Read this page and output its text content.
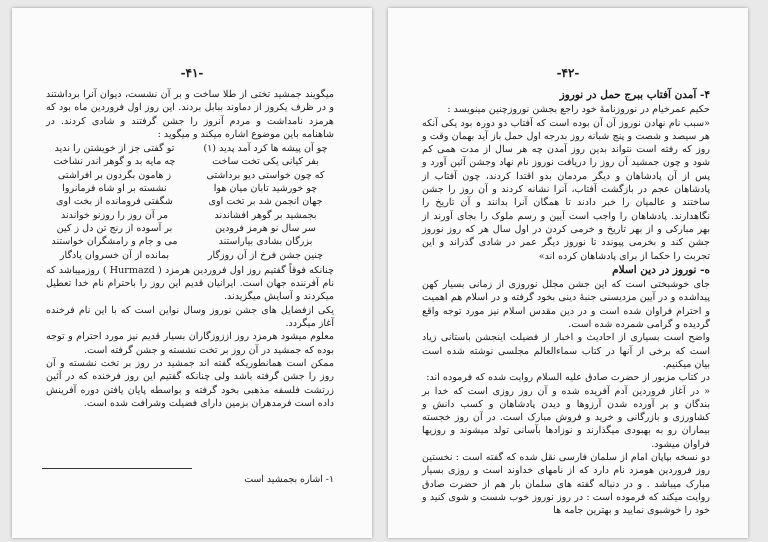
-۴۱-

میگویند جمشید تختی از طلا ساخت و بر آن نشست، دیوان آنرا برداشتند و در ظرف یکروز از دماوند ببابل بردند. این روز اول فروردین ماه بود که هرمزد نامداشت و مردم آنروز را جشن گرفتند و شادی کردند. در شاهنامه باین موضوع اشاره میکند و میگوید :

چو آن پیشه ها کرد آمد پدید (۱)
تو گفتی جز از خویشتن را ندید
بفر کیانی یکی تخت ساخت
چه مایه بد و گوهر اندر نشاخت
که چون خواستی دیو برداشتی
ز هامون بگردون بر افراشتی
چو خورشید تابان میان هوا
نشسته بر او شاه فرمانروا
جهان انجمن شد بر تخت اوی
شگفتی فرومانده از بخت اوی
بجمشید بر گوهر افشاندند
مر آن روز را روزنو خواندند
سر سال نو هرمز فرودین
بر آسوده از رنج تن دل ز کین
بزرگان بشادی بیاراستند
می و جام و رامشگران خواستند
چنین جشن فرخ از آن روزگار
بمانده از آن خسروان یادگار

چنانکه فوقاً گفتیم روز اول فروردین هرمزد ( Hurmazd ) روزمیباشد که نام آفرننده جهان است. ایرانیان قدیم این روز را باحترام نام خدا تعطیل میکردند و آسایش میگزیدند.

یکی ازفضایل های جشن نوروز وسال نواین است که با این نام فرخنده آغاز میگردد.

معلوم میشود هرمزد روز اززوزگاران بسیار قدیم نیز مورد احترام و توجه بوده که جمشید در آن روز بر تخت نشسته و جشن گرفته است.

ممکن است همانطوریکه گفته اند جمشید در روز بر تخت نشسته و آن روز را جشن گرفته باشد ولی چنانکه گفتیم این روز فرخنده که در آئین زرتشت فلسفه مذهبی بخود گرفته و بواسطه پایان یافتن دوره آفرینش داده است فرمدهران بزمین دارای فضیلت وشرافت شده است.

۱- اشاره بجمشید است
-۴۲-

۴- آمدن آفتاب ببرج حمل در نوروز

حکیم عمرخیام در نوروزنامهٔ خود راجع بجشن نوروزچنین مینویسد :

«سبب نام نهادن نوروز آن آن بوده است که آفتاب دو دورہ بود یکی آنکه هر سیصد و شصت و پنج شبانه روز بدرجه اول حمل باز آید بهمان وقت و روز که رفته است نتواند بدین روز آمدن چه هر سال از مدت همی کم شود و چون جمشید آن روز را دریافت نوروز نام نهاد وجشن آئین آورد و پس از آن پادشاهان و دیگر مردمان بدو اقتدا کردند، چون آفتاب از پادشاهان عجم در بازگشت آفتاب، آنرا نشانه کردند و آن روز را جشن ساختند و عالمیان را خبر دادند تا همگان آنرا بدانند و آن تاریخ را نگاهدارند. پادشاهان را واجب است آیین و رسم ملوک را بجای آورند از بهر مبارکی و از بهر تاریخ و خرمی کردن در اول سال هر که روز نوروز جشن کند و بخرمی پیوندد تا نوروز دیگر عمر در شادی گذراند و این تجربت را حکما از برای پادشاهان کرده اند»

ه- نوروز در دین اسلام

جای خوشبختی است که این جشن مجلل نوروزی از زمانی بسیار کهن پیداشده و در آیین مزدیسنی جنبهٔ دینی بخود گرفته و در اسلام هم اهمیت و احترام فراوان شده است و در دین مقدس اسلام نیز مورد توجه واقع گردیده و گرامی شمرده شده است.

واضح است بسیاری از احادیث و اخبار از فضیلت اینجشن باستانی زیاد است که برخی از آنها در کتاب سماءالعالم مجلسی نوشته شده است بیان میکنیم.

در کتاب مزبور از حضرت صادق علیه السلام روایت شده که فرموده اند:

« در آغاز فروردین آدم آفریده شده و آن روز روزی است که خدا بر بندگان و بر آورده شدن آرزوها و دیدن پادشاهان و کسب دانش و کشاورزی و بازرگانی و خرید و فروش مبارک است. در آن روز خجسته بیماران رو به بهبودی میگذارند و نوزادها بآسانی تولد میشوند و روزیها فراوان میشود.

دو نسخه بپاپان امام از سلمان فارسی نقل شده که گفته است : نخستین روز فروردین هومزد نام دارد که از نامهای خداوند است و روزی بسیار مبارک میباشد . و در دنباله گفته های سلمان بار هم از حضرت صادق روایت میکند که فرموده است : در روز نوروز خوب شست و شوی کنید و خود را خوشبوی نمایید و بهترین جامه ها
